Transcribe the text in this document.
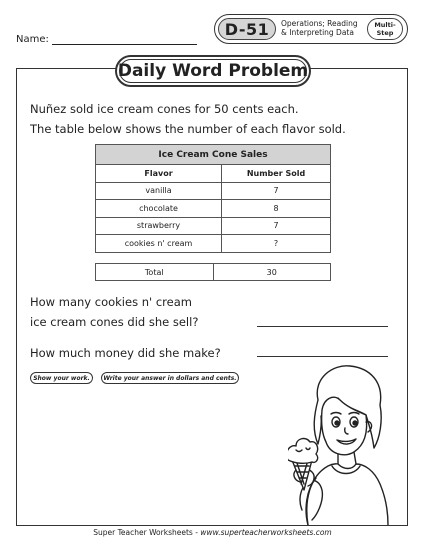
Name:
D-51	Operations; Reading
& Interpreting Data
Multi-
Step
Daily Word Problem
Nuñez sold ice cream cones for 50 cents each.
The table below shows the number of each flavor sold.
Ice Cream Cone Sales	
Flavor	Number Sold
vanilla	7
chocolate	8
strawberry	7
cookies n' cream	?
Total	30
How many cookies n' cream
ice cream cones did she sell?
How much money did she make?
Show your work.	Write your answer in dollars and cents.
Super Teacher Worksheets - www.superteacherworksheets.com
